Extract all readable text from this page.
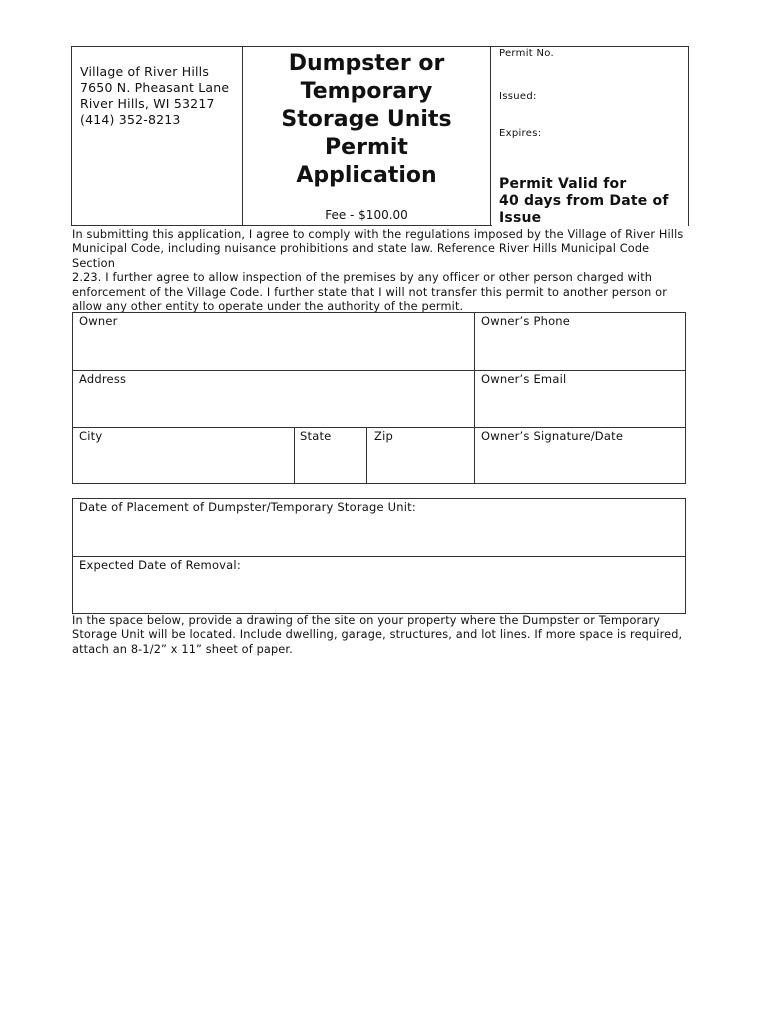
Village of River Hills
7650 N. Pheasant Lane
River Hills, WI 53217
(414) 352-8213
Dumpster or
Temporary
Storage Units
Permit
Application
Fee - $100.00
Permit No.
Issued:
Expires:
Permit Valid for
40 days from Date of
Issue
In submitting this application, I agree to comply with the regulations imposed by the Village of River Hills
Municipal Code, including nuisance prohibitions and state law. Reference River Hills Municipal Code Section
2.23. I further agree to allow inspection of the premises by any officer or other person charged with
enforcement of the Village Code. I further state that I will not transfer this permit to another person or
allow any other entity to operate under the authority of the permit.
Owner	Owner’s Phone
Address	Owner’s Email
City	State	Zip	Owner’s Signature/Date
Date of Placement of Dumpster/Temporary Storage Unit:
Expected Date of Removal:
In the space below, provide a drawing of the site on your property where the Dumpster or Temporary
Storage Unit will be located. Include dwelling, garage, structures, and lot lines. If more space is required,
attach an 8-1/2” x 11” sheet of paper.
